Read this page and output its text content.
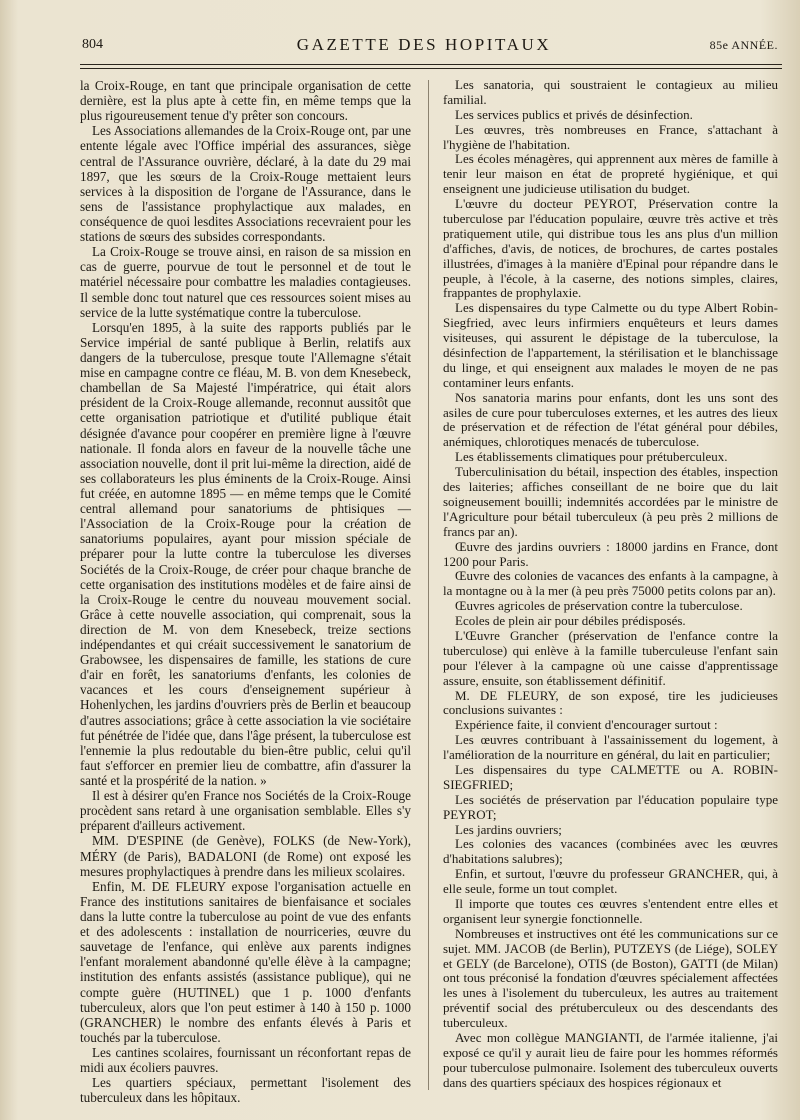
804	GAZETTE DES HOPITAUX	85e ANNÉE.

la Croix-Rouge, en tant que principale organisation de cette dernière, est la plus apte à cette fin, en même temps que la plus rigoureusement tenue d'y prêter son concours.

Les Associations allemandes de la Croix-Rouge ont, par une entente légale avec l'Office impérial des assurances, siège central de l'Assurance ouvrière, déclaré, à la date du 29 mai 1897, que les sœurs de la Croix-Rouge mettaient leurs services à la disposition de l'organe de l'Assurance, dans le sens de l'assistance prophylactique aux malades, en conséquence de quoi lesdites Associations recevraient pour les stations de sœurs des subsides correspondants.

La Croix-Rouge se trouve ainsi, en raison de sa mission en cas de guerre, pourvue de tout le personnel et de tout le matériel nécessaire pour combattre les maladies contagieuses. Il semble donc tout naturel que ces ressources soient mises au service de la lutte systématique contre la tuberculose.

Lorsqu'en 1895, à la suite des rapports publiés par le Service impérial de santé publique à Berlin, relatifs aux dangers de la tuberculose, presque toute l'Allemagne s'était mise en campagne contre ce fléau, M. B. von dem Knesebeck, chambellan de Sa Majesté l'impératrice, qui était alors président de la Croix-Rouge allemande, reconnut aussitôt que cette organisation patriotique et d'utilité publique était désignée d'avance pour coopérer en première ligne à l'œuvre nationale. Il fonda alors en faveur de la nouvelle tâche une association nouvelle, dont il prit lui-même la direction, aidé de ses collaborateurs les plus éminents de la Croix-Rouge. Ainsi fut créée, en automne 1895 — en même temps que le Comité central allemand pour sanatoriums de phtisiques — l'Association de la Croix-Rouge pour la création de sanatoriums populaires, ayant pour mission spéciale de préparer pour la lutte contre la tuberculose les diverses Sociétés de la Croix-Rouge, de créer pour chaque branche de cette organisation des institutions modèles et de faire ainsi de la Croix-Rouge le centre du nouveau mouvement social. Grâce à cette nouvelle association, qui comprenait, sous la direction de M. von dem Knesebeck, treize sections indépendantes et qui créait successivement le sanatorium de Grabowsee, les dispensaires de famille, les stations de cure d'air en forêt, les sanatoriums d'enfants, les colonies de vacances et les cours d'enseignement supérieur à Hohenlychen, les jardins d'ouvriers près de Berlin et beaucoup d'autres associations; grâce à cette association la vie sociétaire fut pénétrée de l'idée que, dans l'âge présent, la tuberculose est l'ennemie la plus redoutable du bien-être public, celui qu'il faut s'efforcer en premier lieu de combattre, afin d'assurer la santé et la prospérité de la nation. »

Il est à désirer qu'en France nos Sociétés de la Croix-Rouge procèdent sans retard à une organisation semblable. Elles s'y préparent d'ailleurs activement.

MM. D'ESPINE (de Genève), FOLKS (de New-York), MÉRY (de Paris), BADALONI (de Rome) ont exposé les mesures prophylactiques à prendre dans les milieux scolaires.

Enfin, M. DE FLEURY expose l'organisation actuelle en France des institutions sanitaires de bienfaisance et sociales dans la lutte contre la tuberculose au point de vue des enfants et des adolescents : installation de nourriceries, œuvre du sauvetage de l'enfance, qui enlève aux parents indignes l'enfant moralement abandonné qu'elle élève à la campagne; institution des enfants assistés (assistance publique), qui ne compte guère (HUTINEL) que 1 p. 1000 d'enfants tuberculeux, alors que l'on peut estimer à 140 à 150 p. 1000 (GRANCHER) le nombre des enfants élevés à Paris et touchés par la tuberculose.

Les cantines scolaires, fournissant un réconfortant repas de midi aux écoliers pauvres.

Les quartiers spéciaux, permettant l'isolement des tuberculeux dans les hôpitaux.

Les sanatoria, qui soustraient le contagieux au milieu familial.

Les services publics et privés de désinfection.

Les œuvres, très nombreuses en France, s'attachant à l'hygiène de l'habitation.

Les écoles ménagères, qui apprennent aux mères de famille à tenir leur maison en état de propreté hygiénique, et qui enseignent une judicieuse utilisation du budget.

L'œuvre du docteur PEYROT, Préservation contre la tuberculose par l'éducation populaire, œuvre très active et très pratiquement utile, qui distribue tous les ans plus d'un million d'affiches, d'avis, de notices, de brochures, de cartes postales illustrées, d'images à la manière d'Epinal pour répandre dans le peuple, à l'école, à la caserne, des notions simples, claires, frappantes de prophylaxie.

Les dispensaires du type Calmette ou du type Albert Robin-Siegfried, avec leurs infirmiers enquêteurs et leurs dames visiteuses, qui assurent le dépistage de la tuberculose, la désinfection de l'appartement, la stérilisation et le blanchissage du linge, et qui enseignent aux malades le moyen de ne pas contaminer leurs enfants.

Nos sanatoria marins pour enfants, dont les uns sont des asiles de cure pour tuberculoses externes, et les autres des lieux de préservation et de réfection de l'état général pour débiles, anémiques, chlorotiques menacés de tuberculose.

Les établissements climatiques pour prétuberculeux.

Tuberculinisation du bétail, inspection des étables, inspection des laiteries; affiches conseillant de ne boire que du lait soigneusement bouilli; indemnités accordées par le ministre de l'Agriculture pour bétail tuberculeux (à peu près 2 millions de francs par an).

Œuvre des jardins ouvriers : 18000 jardins en France, dont 1200 pour Paris.

Œuvre des colonies de vacances des enfants à la campagne, à la montagne ou à la mer (à peu près 75000 petits colons par an).

Œuvres agricoles de préservation contre la tuberculose.

Ecoles de plein air pour débiles prédisposés.

L'Œuvre Grancher (préservation de l'enfance contre la tuberculose) qui enlève à la famille tuberculeuse l'enfant sain pour l'élever à la campagne où une caisse d'apprentissage assure, ensuite, son établissement définitif.

M. DE FLEURY, de son exposé, tire les judicieuses conclusions suivantes :

Expérience faite, il convient d'encourager surtout :

Les œuvres contribuant à l'assainissement du logement, à l'amélioration de la nourriture en général, du lait en particulier;

Les dispensaires du type CALMETTE ou A. ROBIN-SIEGFRIED;

Les sociétés de préservation par l'éducation populaire type PEYROT;

Les jardins ouvriers;

Les colonies des vacances (combinées avec les œuvres d'habitations salubres);

Enfin, et surtout, l'œuvre du professeur GRANCHER, qui, à elle seule, forme un tout complet.

Il importe que toutes ces œuvres s'entendent entre elles et organisent leur synergie fonctionnelle.

Nombreuses et instructives ont été les communications sur ce sujet. MM. JACOB (de Berlin), PUTZEYS (de Liége), SOLEY et GELY (de Barcelone), OTIS (de Boston), GATTI (de Milan) ont tous préconisé la fondation d'œuvres spécialement affectées les unes à l'isolement du tuberculeux, les autres au traitement préventif social des prétuberculeux ou des descendants des tuberculeux.

Avec mon collègue MANGIANTI, de l'armée italienne, j'ai exposé ce qu'il y aurait lieu de faire pour les hommes réformés pour tuberculose pulmonaire. Isolement des tuberculeux ouverts dans des quartiers spéciaux des hospices régionaux et
